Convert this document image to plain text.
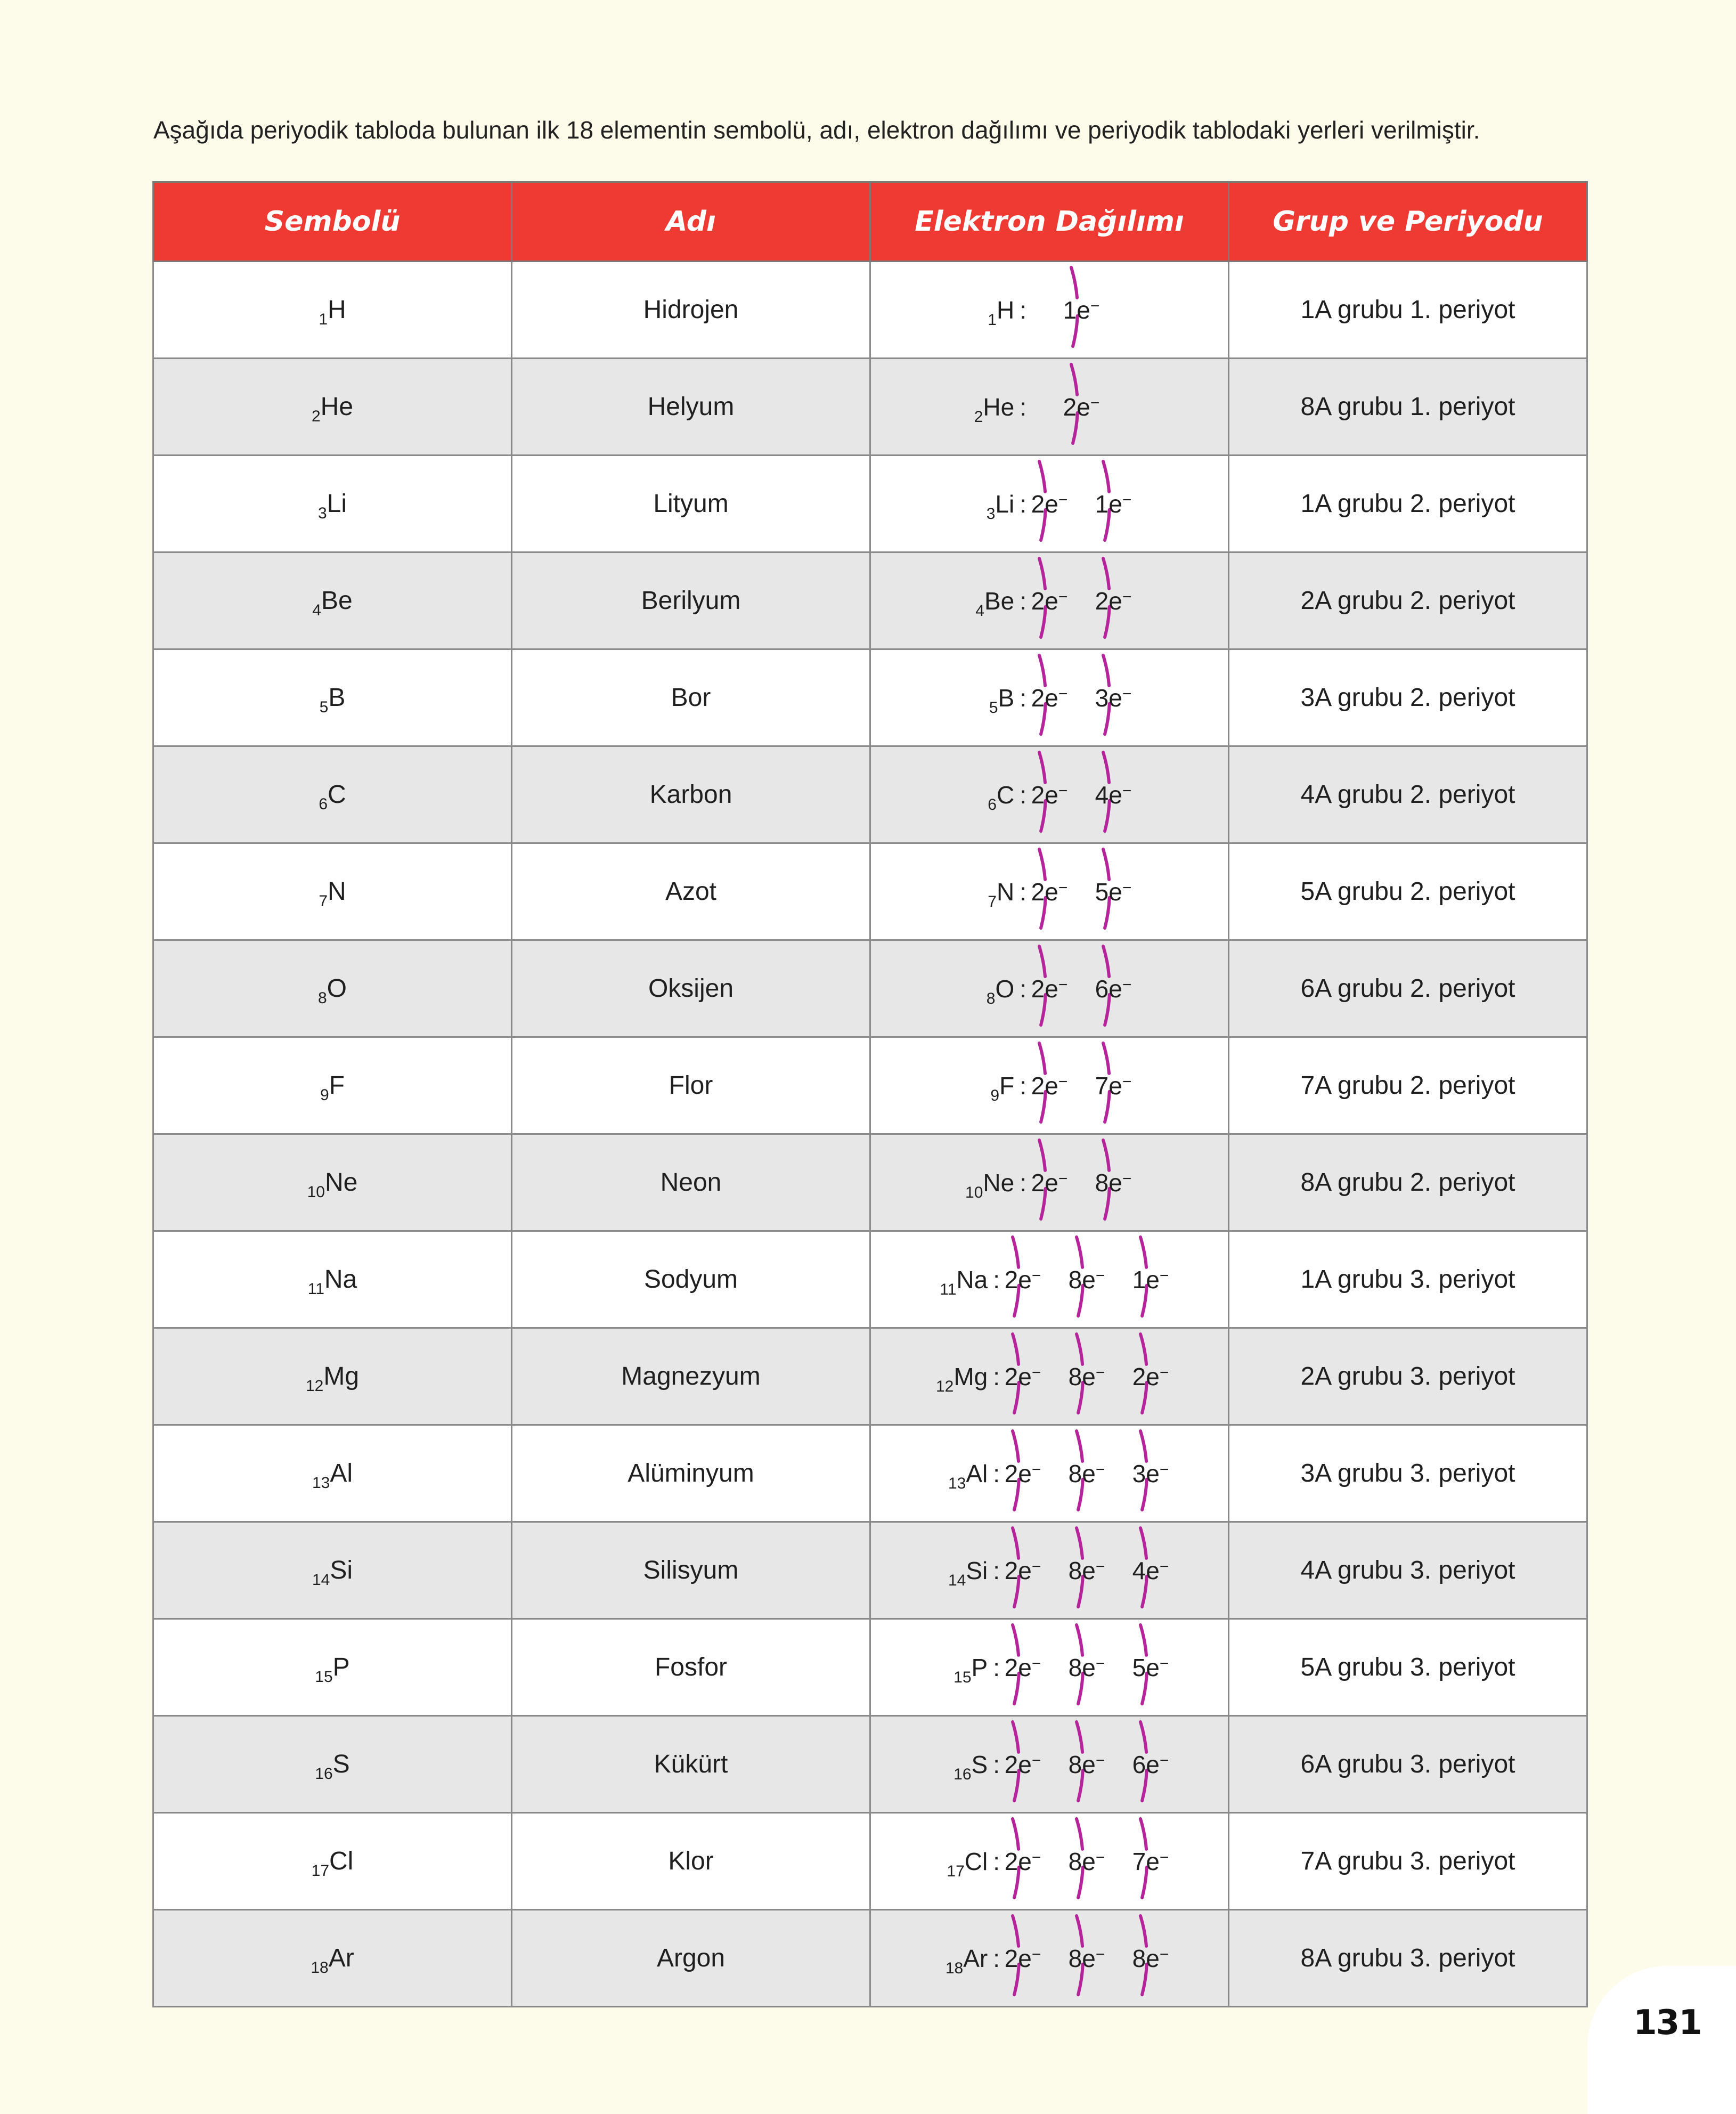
Aşağıda periyodik tabloda bulunan ilk 18 elementin sembolü, adı, elektron dağılımı ve periyodik tablodaki yerleri verilmiştir.
Sembolü	Adı	Elektron Dağılımı	Grup ve Periyodu
$_1$H	Hidrojen	$_1$H : 1e−	1A grubu 1. periyot
$_2$He	Helyum	$_2$He : 2e−	8A grubu 1. periyot
$_3$Li	Lityum	$_3$Li : 2e− 1e−	1A grubu 2. periyot
$_4$Be	Berilyum	$_4$Be : 2e− 2e−	2A grubu 2. periyot
$_5$B	Bor	$_5$B : 2e− 3e−	3A grubu 2. periyot
$_6$C	Karbon	$_6$C : 2e− 4e−	4A grubu 2. periyot
$_7$N	Azot	$_7$N : 2e− 5e−	5A grubu 2. periyot
$_8$O	Oksijen	$_8$O : 2e− 6e−	6A grubu 2. periyot
$_9$F	Flor	$_9$F : 2e− 7e−	7A grubu 2. periyot
$_{10}$Ne	Neon	$_{10}$Ne : 2e− 8e−	8A grubu 2. periyot
$_{11}$Na	Sodyum	$_{11}$Na : 2e− 8e− 1e−	1A grubu 3. periyot
$_{12}$Mg	Magnezyum	$_{12}$Mg : 2e− 8e− 2e−	2A grubu 3. periyot
$_{13}$Al	Alüminyum	$_{13}$Al : 2e− 8e− 3e−	3A grubu 3. periyot
$_{14}$Si	Silisyum	$_{14}$Si : 2e− 8e− 4e−	4A grubu 3. periyot
$_{15}$P	Fosfor	$_{15}$P : 2e− 8e− 5e−	5A grubu 3. periyot
$_{16}$S	Kükürt	$_{16}$S : 2e− 8e− 6e−	6A grubu 3. periyot
$_{17}$Cl	Klor	$_{17}$Cl : 2e− 8e− 7e−	7A grubu 3. periyot
$_{18}$Ar	Argon	$_{18}$Ar : 2e− 8e− 8e−	8A grubu 3. periyot
131
